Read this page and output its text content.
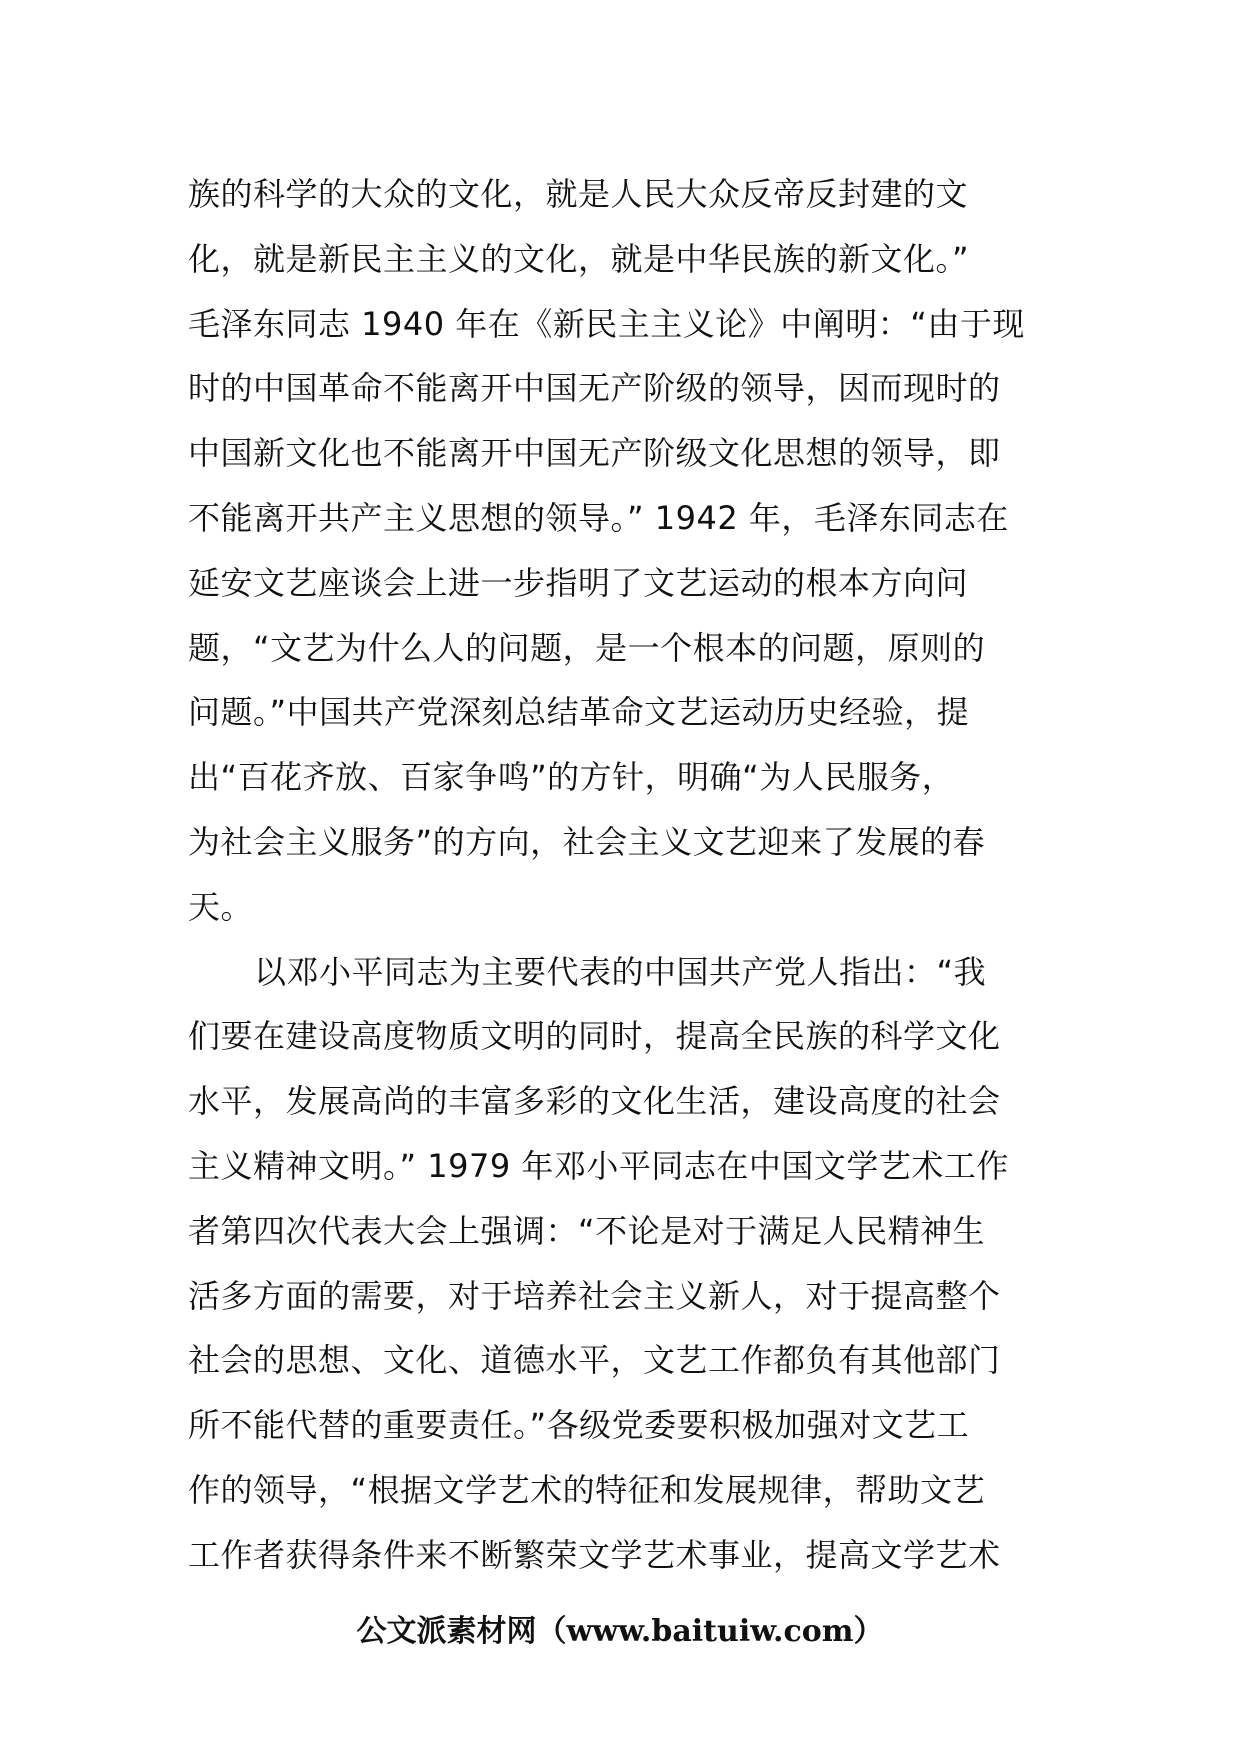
族的科学的大众的文化，就是人民大众反帝反封建的文
化，就是新民主主义的文化，就是中华民族的新文化。”
毛泽东同志 1940 年在《新民主主义论》中阐明：“由于现
时的中国革命不能离开中国无产阶级的领导，因而现时的
中国新文化也不能离开中国无产阶级文化思想的领导，即
不能离开共产主义思想的领导。” 1942 年，毛泽东同志在
延安文艺座谈会上进一步指明了文艺运动的根本方向问
题，“文艺为什么人的问题，是一个根本的问题，原则的
问题。”中国共产党深刻总结革命文艺运动历史经验，提
出“百花齐放、百家争鸣”的方针，明确“为人民服务，
为社会主义服务”的方向，社会主义文艺迎来了发展的春
天。
以邓小平同志为主要代表的中国共产党人指出：“我
们要在建设高度物质文明的同时，提高全民族的科学文化
水平，发展高尚的丰富多彩的文化生活，建设高度的社会
主义精神文明。” 1979 年邓小平同志在中国文学艺术工作
者第四次代表大会上强调：“不论是对于满足人民精神生
活多方面的需要，对于培养社会主义新人，对于提高整个
社会的思想、文化、道德水平，文艺工作都负有其他部门
所不能代替的重要责任。”各级党委要积极加强对文艺工
作的领导，“根据文学艺术的特征和发展规律，帮助文艺
工作者获得条件来不断繁荣文学艺术事业，提高文学艺术
公文派素材网（www.baituiw.com）
